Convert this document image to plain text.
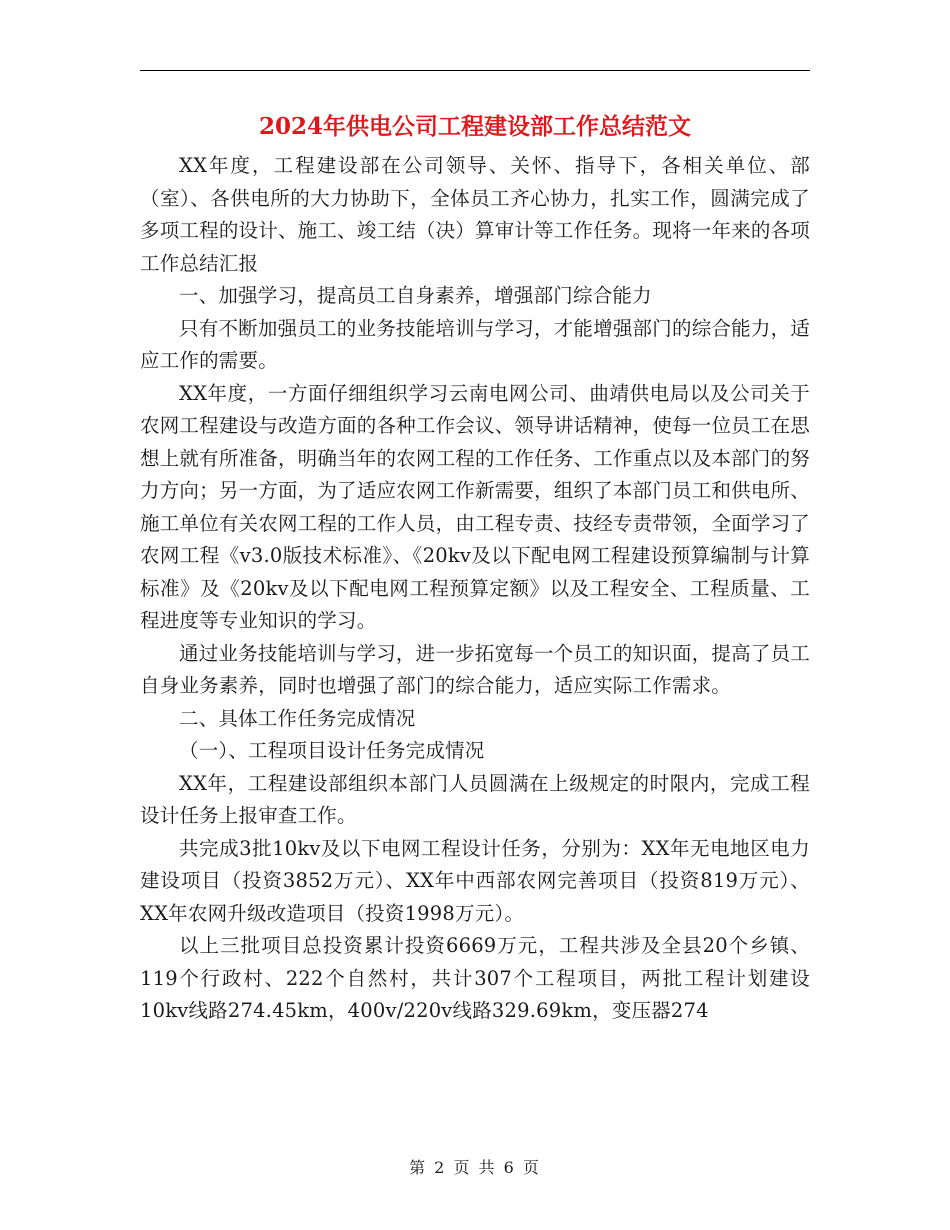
2024年供电公司工程建设部工作总结范文

XX年度，工程建设部在公司领导、关怀、指导下，各相关单位、部（室）、各供电所的大力协助下，全体员工齐心协力，扎实工作，圆满完成了多项工程的设计、施工、竣工结（决）算审计等工作任务。现将一年来的各项工作总结汇报

一、加强学习，提高员工自身素养，增强部门综合能力

只有不断加强员工的业务技能培训与学习，才能增强部门的综合能力，适应工作的需要。

XX年度，一方面仔细组织学习云南电网公司、曲靖供电局以及公司关于农网工程建设与改造方面的各种工作会议、领导讲话精神，使每一位员工在思想上就有所准备，明确当年的农网工程的工作任务、工作重点以及本部门的努力方向；另一方面，为了适应农网工作新需要，组织了本部门员工和供电所、施工单位有关农网工程的工作人员，由工程专责、技经专责带领，全面学习了农网工程《v3.0版技术标准》、《20kv及以下配电网工程建设预算编制与计算标准》及《20kv及以下配电网工程预算定额》以及工程安全、工程质量、工程进度等专业知识的学习。

通过业务技能培训与学习，进一步拓宽每一个员工的知识面，提高了员工自身业务素养，同时也增强了部门的综合能力，适应实际工作需求。

二、具体工作任务完成情况

（一）、工程项目设计任务完成情况

XX年，工程建设部组织本部门人员圆满在上级规定的时限内，完成工程设计任务上报审查工作。

共完成3批10kv及以下电网工程设计任务，分别为：XX年无电地区电力建设项目（投资3852万元）、XX年中西部农网完善项目（投资819万元）、XX年农网升级改造项目（投资1998万元）。

以上三批项目总投资累计投资6669万元，工程共涉及全县20个乡镇、119个行政村、222个自然村，共计307个工程项目，两批工程计划建设10kv线路274.45km，400v/220v线路329.69km，变压器274

第 2 页 共 6 页
